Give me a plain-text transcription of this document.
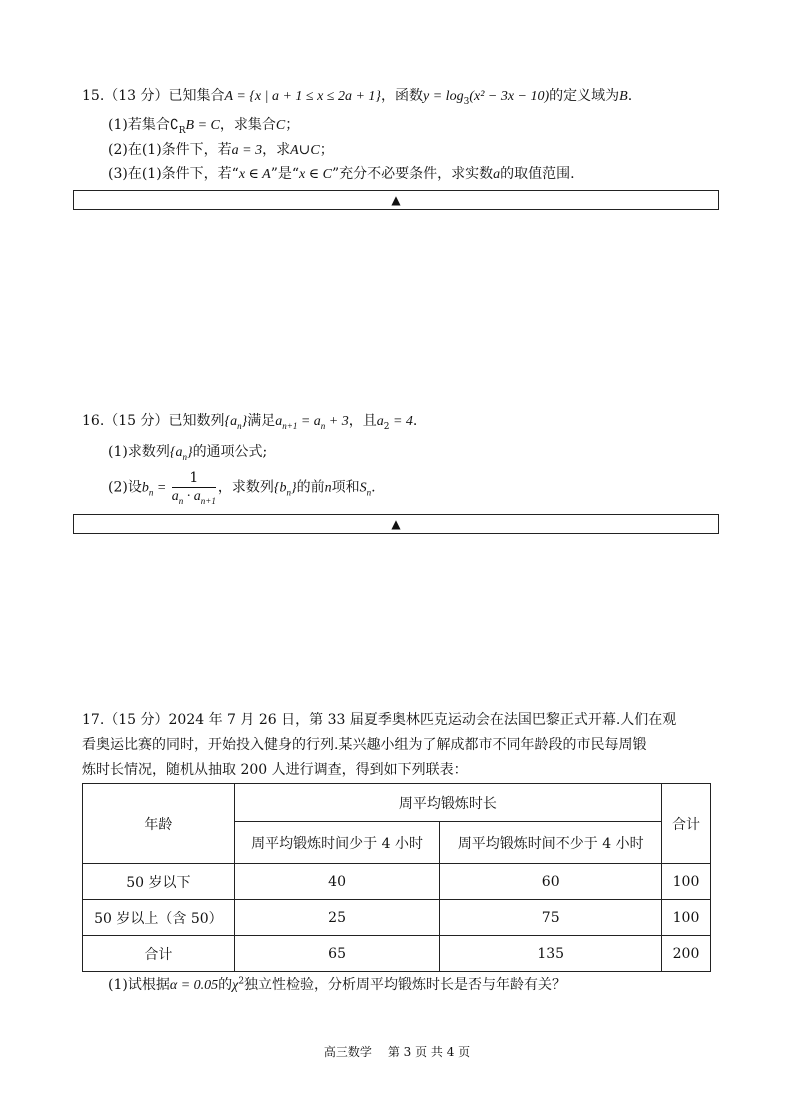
15.（13 分）已知集合A = {x | a + 1 ≤ x ≤ 2a + 1}，函数$y = \log_3(x^2 - 3x - 10)$的定义域为B.
(1)若集合$∁_RB = C$，求集合C；
(2)在(1)条件下，若a = 3，求A∪C；
(3)在(1)条件下，若“x ∈ A”是“x ∈ C”充分不必要条件，求实数a的取值范围.
▲
16.（15 分）已知数列$\{a_n\}$满足$a_{n+1} = a_n + 3$，且$a_2 = 4$.
(1)求数列$\{a_n\}$的通项公式;
(2)设$b_n = \frac{1}{a_n \cdot a_{n+1}}$ ，求数列$\{b_n\}$的前n项和$S_n$.
▲
17.（15 分）2024 年 7 月 26 日，第 33 届夏季奥林匹克运动会在法国巴黎正式开幕.人们在观
看奥运比赛的同时，开始投入健身的行列.某兴趣小组为了解成都市不同年龄段的市民每周锻
炼时长情况，随机从抽取 200 人进行调查，得到如下列联表：
年龄	周平均锻炼时长		合计
	周平均锻炼时间少于 4 小时	周平均锻炼时间不少于 4 小时	
50 岁以下	40	60	100
50 岁以上（含 50）	25	75	100
合计	65	135	200
(1)试根据α = 0.05的$\chi^2$独立性检验，分析周平均锻炼时长是否与年龄有关？
高三数学 第 3 页 共 4 页
